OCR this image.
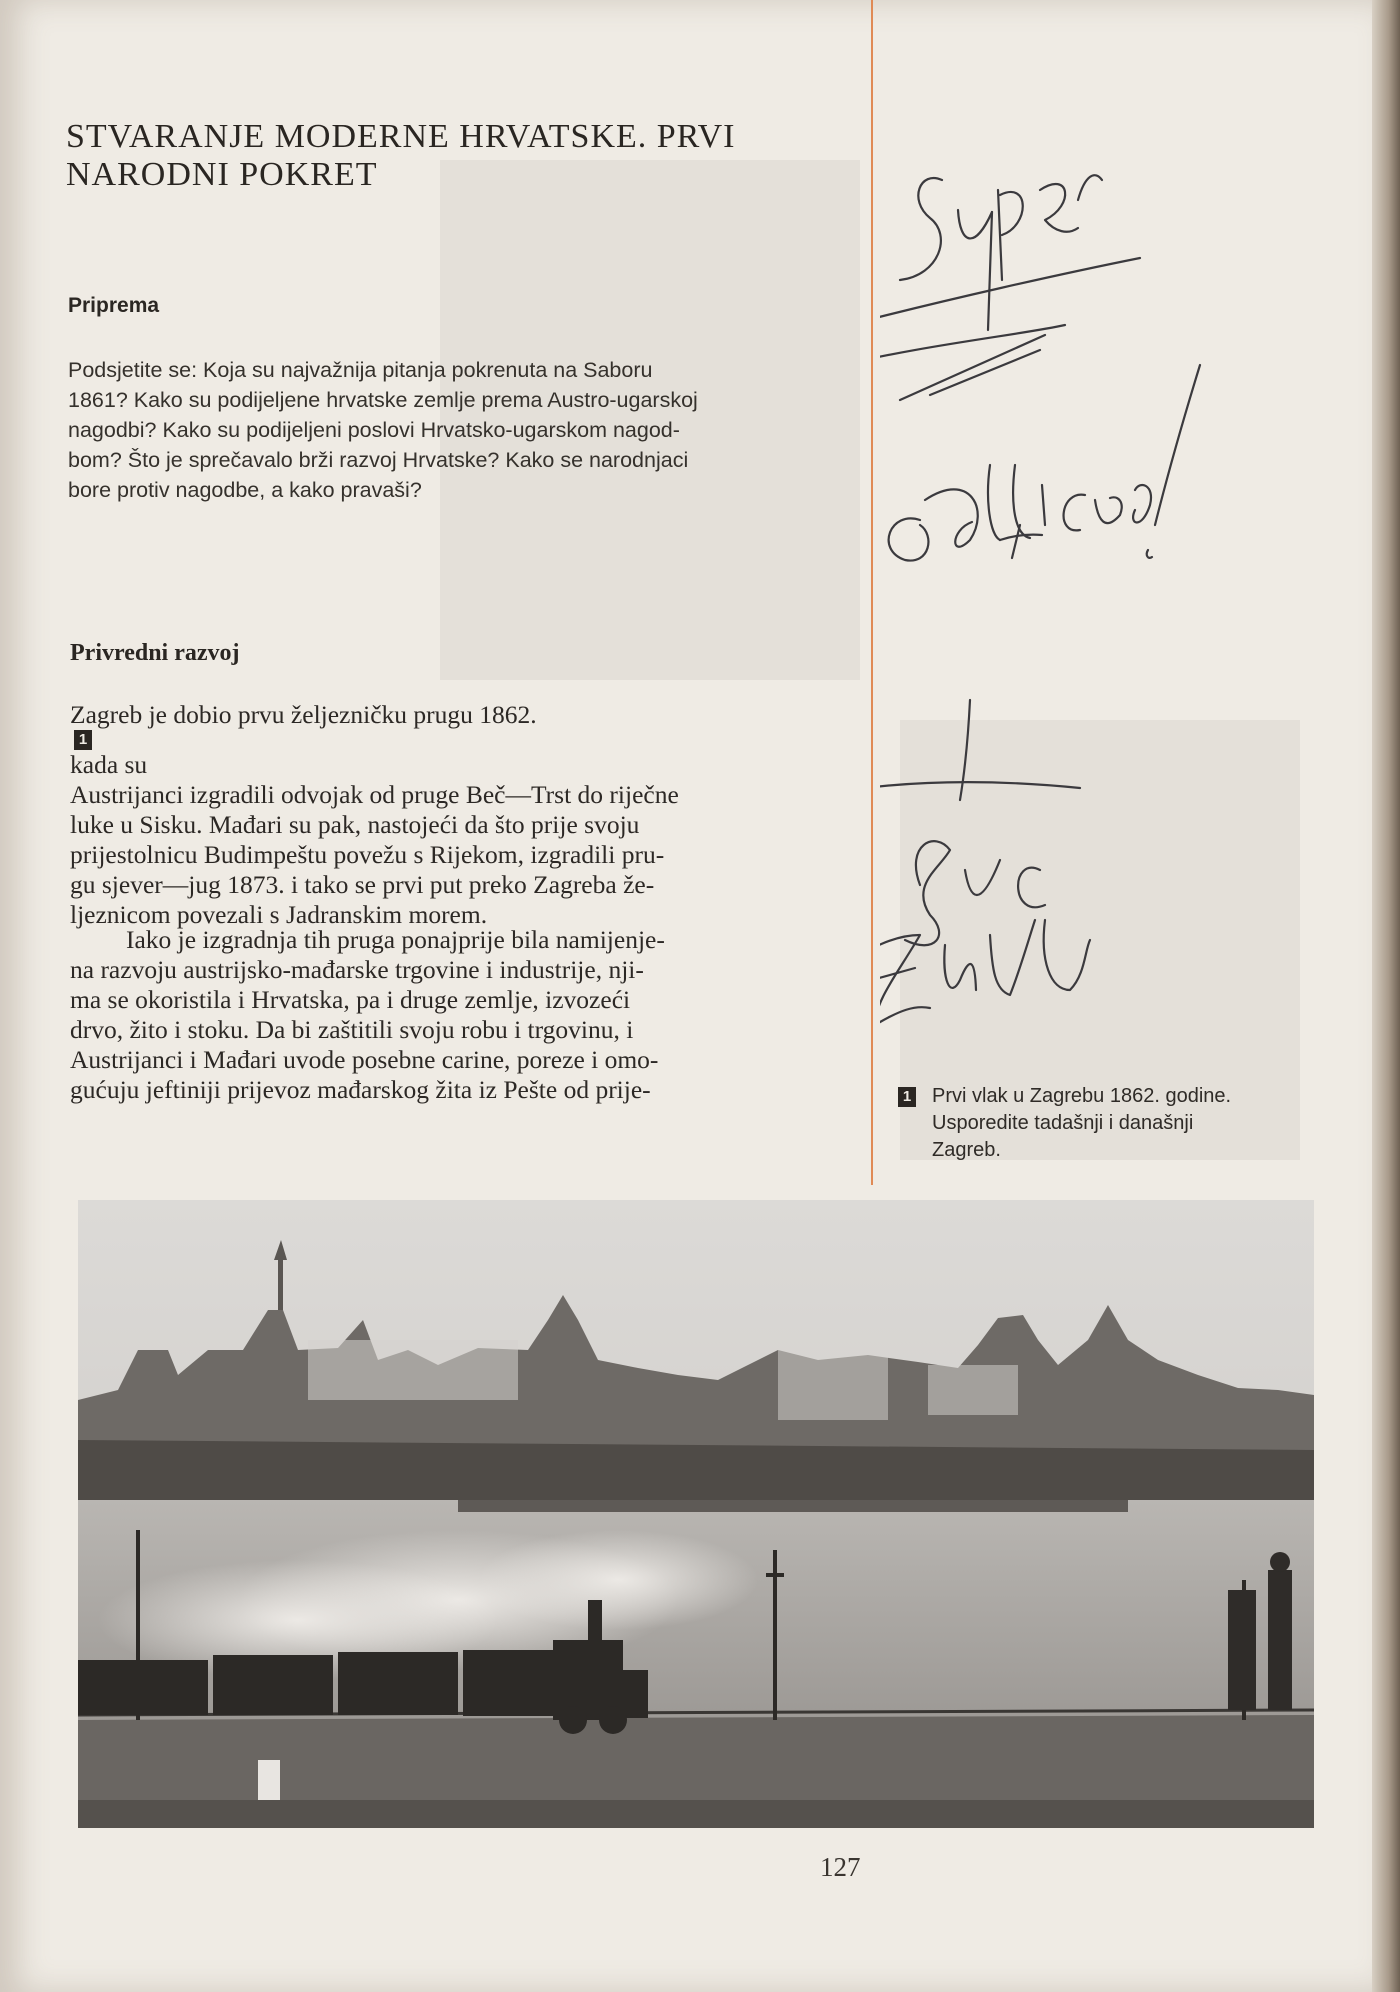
STVARANJE MODERNE HRVATSKE. PRVI
NARODNI POKRET
Priprema
Podsjetite se: Koja su najvažnija pitanja pokrenuta na Saboru
1861? Kako su podijeljene hrvatske zemlje prema Austro-ugarskoj
nagodbi? Kako su podijeljeni poslovi Hrvatsko-ugarskom nagod-
bom? Što je sprečavalo brži razvoj Hrvatske? Kako se narodnjaci
bore protiv nagodbe, a kako pravaši?
Privredni razvoj
Zagreb je dobio prvu željezničku prugu 1862.
1
kada su
Austrijanci izgradili odvojak od pruge Beč—Trst do riječne
luke u Sisku. Mađari su pak, nastojeći da što prije svoju
prijestolnicu Budimpeštu povežu s Rijekom, izgradili pru-
gu sjever—jug 1873. i tako se prvi put preko Zagreba že-
ljeznicom povezali s Jadranskim morem.
Iako je izgradnja tih pruga ponajprije bila namijenje-
na razvoju austrijsko-mađarske trgovine i industrije, nji-
ma se okoristila i Hrvatska, pa i druge zemlje, izvozeći
drvo, žito i stoku. Da bi zaštitili svoju robu i trgovinu, i
Austrijanci i Mađari uvode posebne carine, poreze i omo-
gućuju jeftiniji prijevoz mađarskog žita iz Pešte od prije-	1 Prvi vlak u Zagrebu 1862. godine.
Usporedite tadašnji i današnji
Zagreb.
127
